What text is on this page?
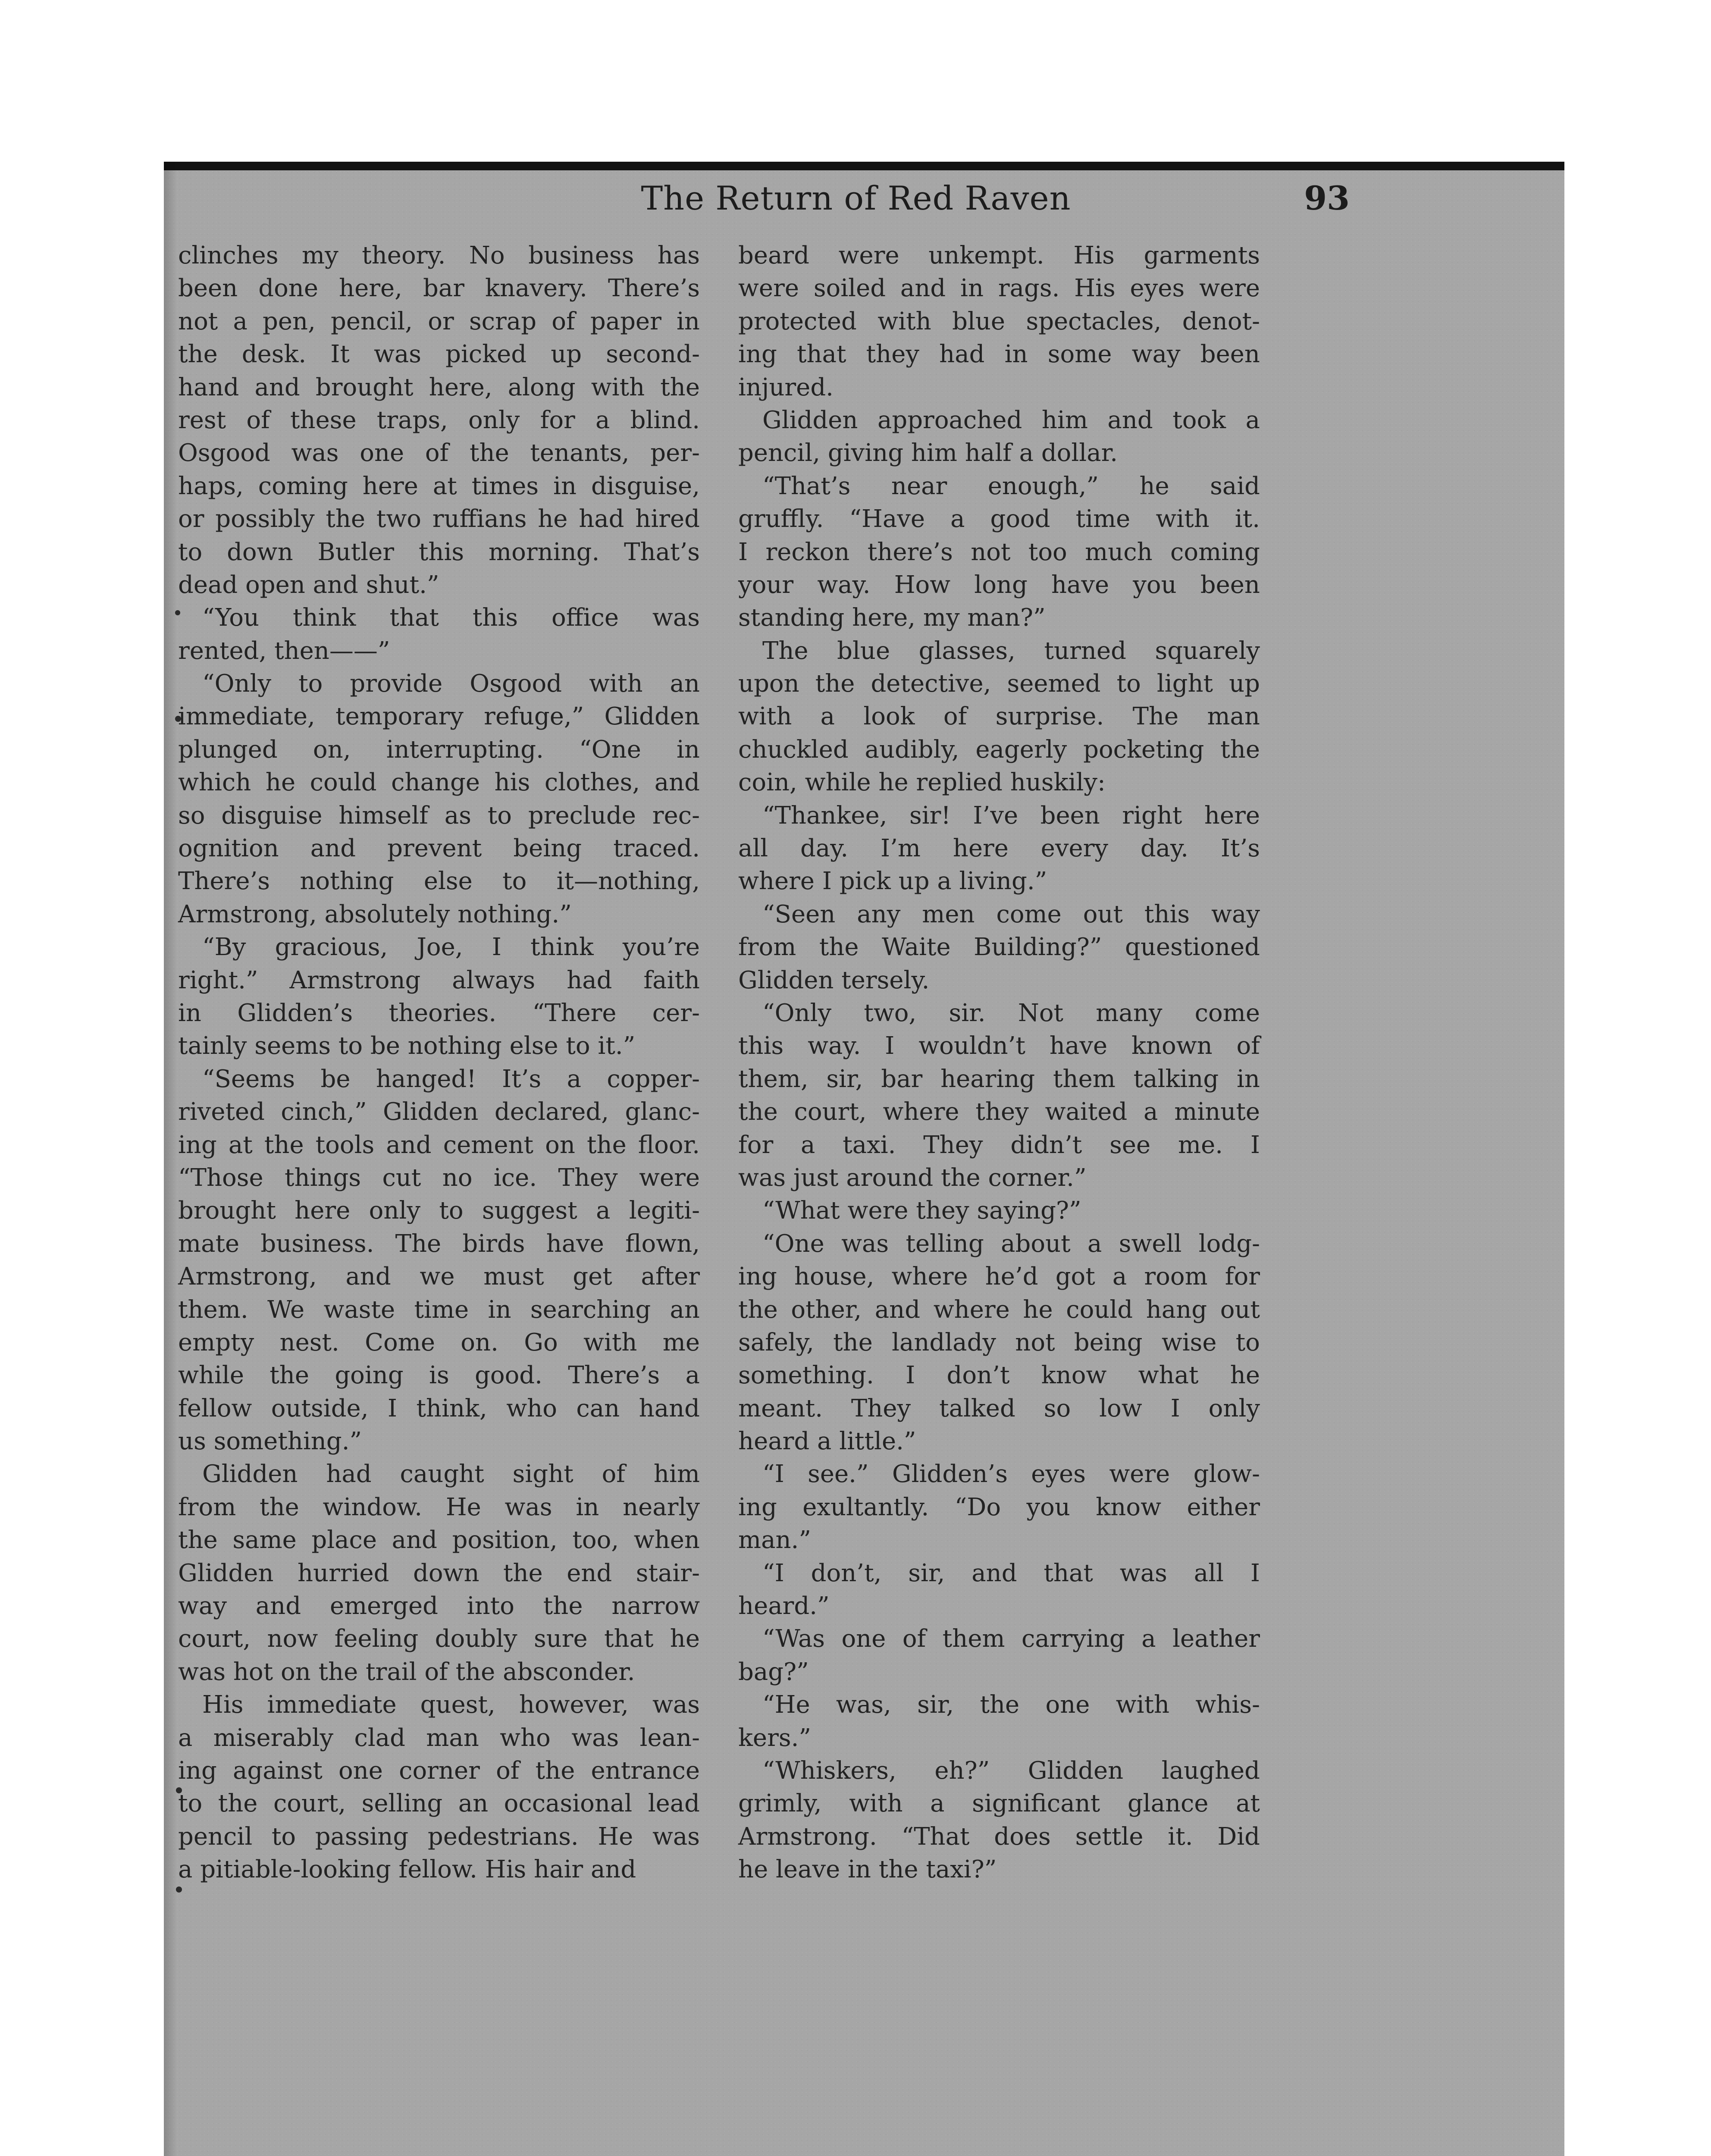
The Return of Red Raven	93
clinches my theory. No business has
been done here, bar knavery. There’s
not a pen, pencil, or scrap of paper in
the desk. It was picked up second-
hand and brought here, along with the
rest of these traps, only for a blind.
Osgood was one of the tenants, per-
haps, coming here at times in disguise,
or possibly the two ruffians he had hired
to down Butler this morning. That’s
dead open and shut.”
“You think that this office was
rented, then——”
“Only to provide Osgood with an
immediate, temporary refuge,” Glidden
plunged on, interrupting. “One in
which he could change his clothes, and
so disguise himself as to preclude rec-
ognition and prevent being traced.
There’s nothing else to it—nothing,
Armstrong, absolutely nothing.”
“By gracious, Joe, I think you’re
right.” Armstrong always had faith
in Glidden’s theories. “There cer-
tainly seems to be nothing else to it.”
“Seems be hanged! It’s a copper-
riveted cinch,” Glidden declared, glanc-
ing at the tools and cement on the floor.
“Those things cut no ice. They were
brought here only to suggest a legiti-
mate business. The birds have flown,
Armstrong, and we must get after
them. We waste time in searching an
empty nest. Come on. Go with me
while the going is good. There’s a
fellow outside, I think, who can hand
us something.”
Glidden had caught sight of him
from the window. He was in nearly
the same place and position, too, when
Glidden hurried down the end stair-
way and emerged into the narrow
court, now feeling doubly sure that he
was hot on the trail of the absconder.
His immediate quest, however, was
a miserably clad man who was lean-
ing against one corner of the entrance
to the court, selling an occasional lead
pencil to passing pedestrians. He was
a pitiable-looking fellow. His hair and
beard were unkempt. His garments
were soiled and in rags. His eyes were
protected with blue spectacles, denot-
ing that they had in some way been
injured.
Glidden approached him and took a
pencil, giving him half a dollar.
“That’s near enough,” he said
gruffly. “Have a good time with it.
I reckon there’s not too much coming
your way. How long have you been
standing here, my man?”
The blue glasses, turned squarely
upon the detective, seemed to light up
with a look of surprise. The man
chuckled audibly, eagerly pocketing the
coin, while he replied huskily:
“Thankee, sir! I’ve been right here
all day. I’m here every day. It’s
where I pick up a living.”
“Seen any men come out this way
from the Waite Building?” questioned
Glidden tersely.
“Only two, sir. Not many come
this way. I wouldn’t have known of
them, sir, bar hearing them talking in
the court, where they waited a minute
for a taxi. They didn’t see me. I
was just around the corner.”
“What were they saying?”
“One was telling about a swell lodg-
ing house, where he’d got a room for
the other, and where he could hang out
safely, the landlady not being wise to
something. I don’t know what he
meant. They talked so low I only
heard a little.”
“I see.” Glidden’s eyes were glow-
ing exultantly. “Do you know either
man.”
“I don’t, sir, and that was all I
heard.”
“Was one of them carrying a leather
bag?”
“He was, sir, the one with whis-
kers.”
“Whiskers, eh?” Glidden laughed
grimly, with a significant glance at
Armstrong. “That does settle it. Did
he leave in the taxi?”
